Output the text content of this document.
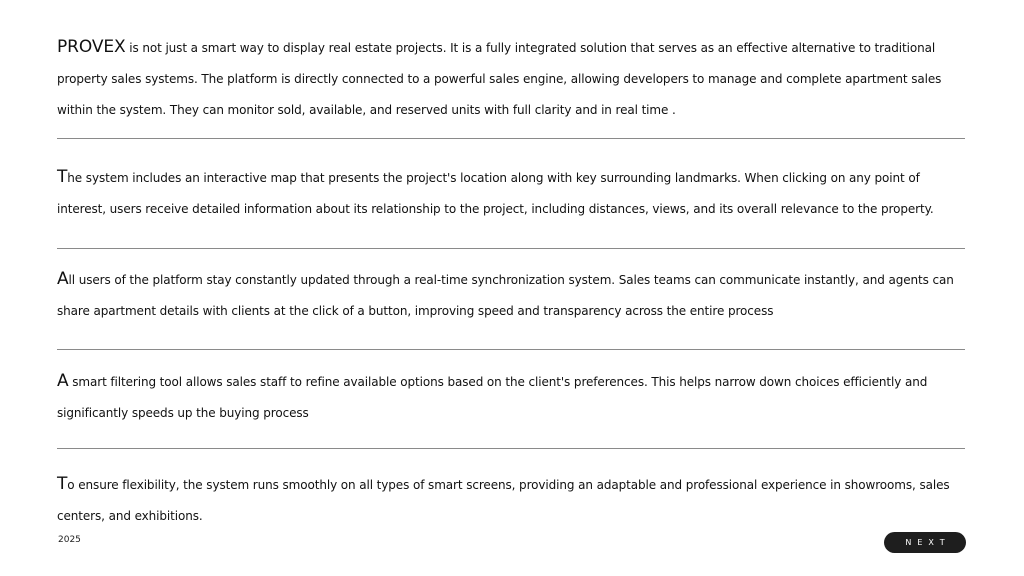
PROVEX is not just a smart way to display real estate projects. It is a fully integrated solution that serves as an effective alternative to traditional property sales systems. The platform is directly connected to a powerful sales engine, allowing developers to manage and complete apartment sales within the system. They can monitor sold, available, and reserved units with full clarity and in real time .

The system includes an interactive map that presents the project's location along with key surrounding landmarks. When clicking on any point of interest, users receive detailed information about its relationship to the project, including distances, views, and its overall relevance to the property.

All users of the platform stay constantly updated through a real-time synchronization system. Sales teams can communicate instantly, and agents can share apartment details with clients at the click of a button, improving speed and transparency across the entire process

A smart filtering tool allows sales staff to refine available options based on the client's preferences. This helps narrow down choices efficiently and significantly speeds up the buying process

To ensure flexibility, the system runs smoothly on all types of smart screens, providing an adaptable and professional experience in showrooms, sales centers, and exhibitions.

2025	NEXT
